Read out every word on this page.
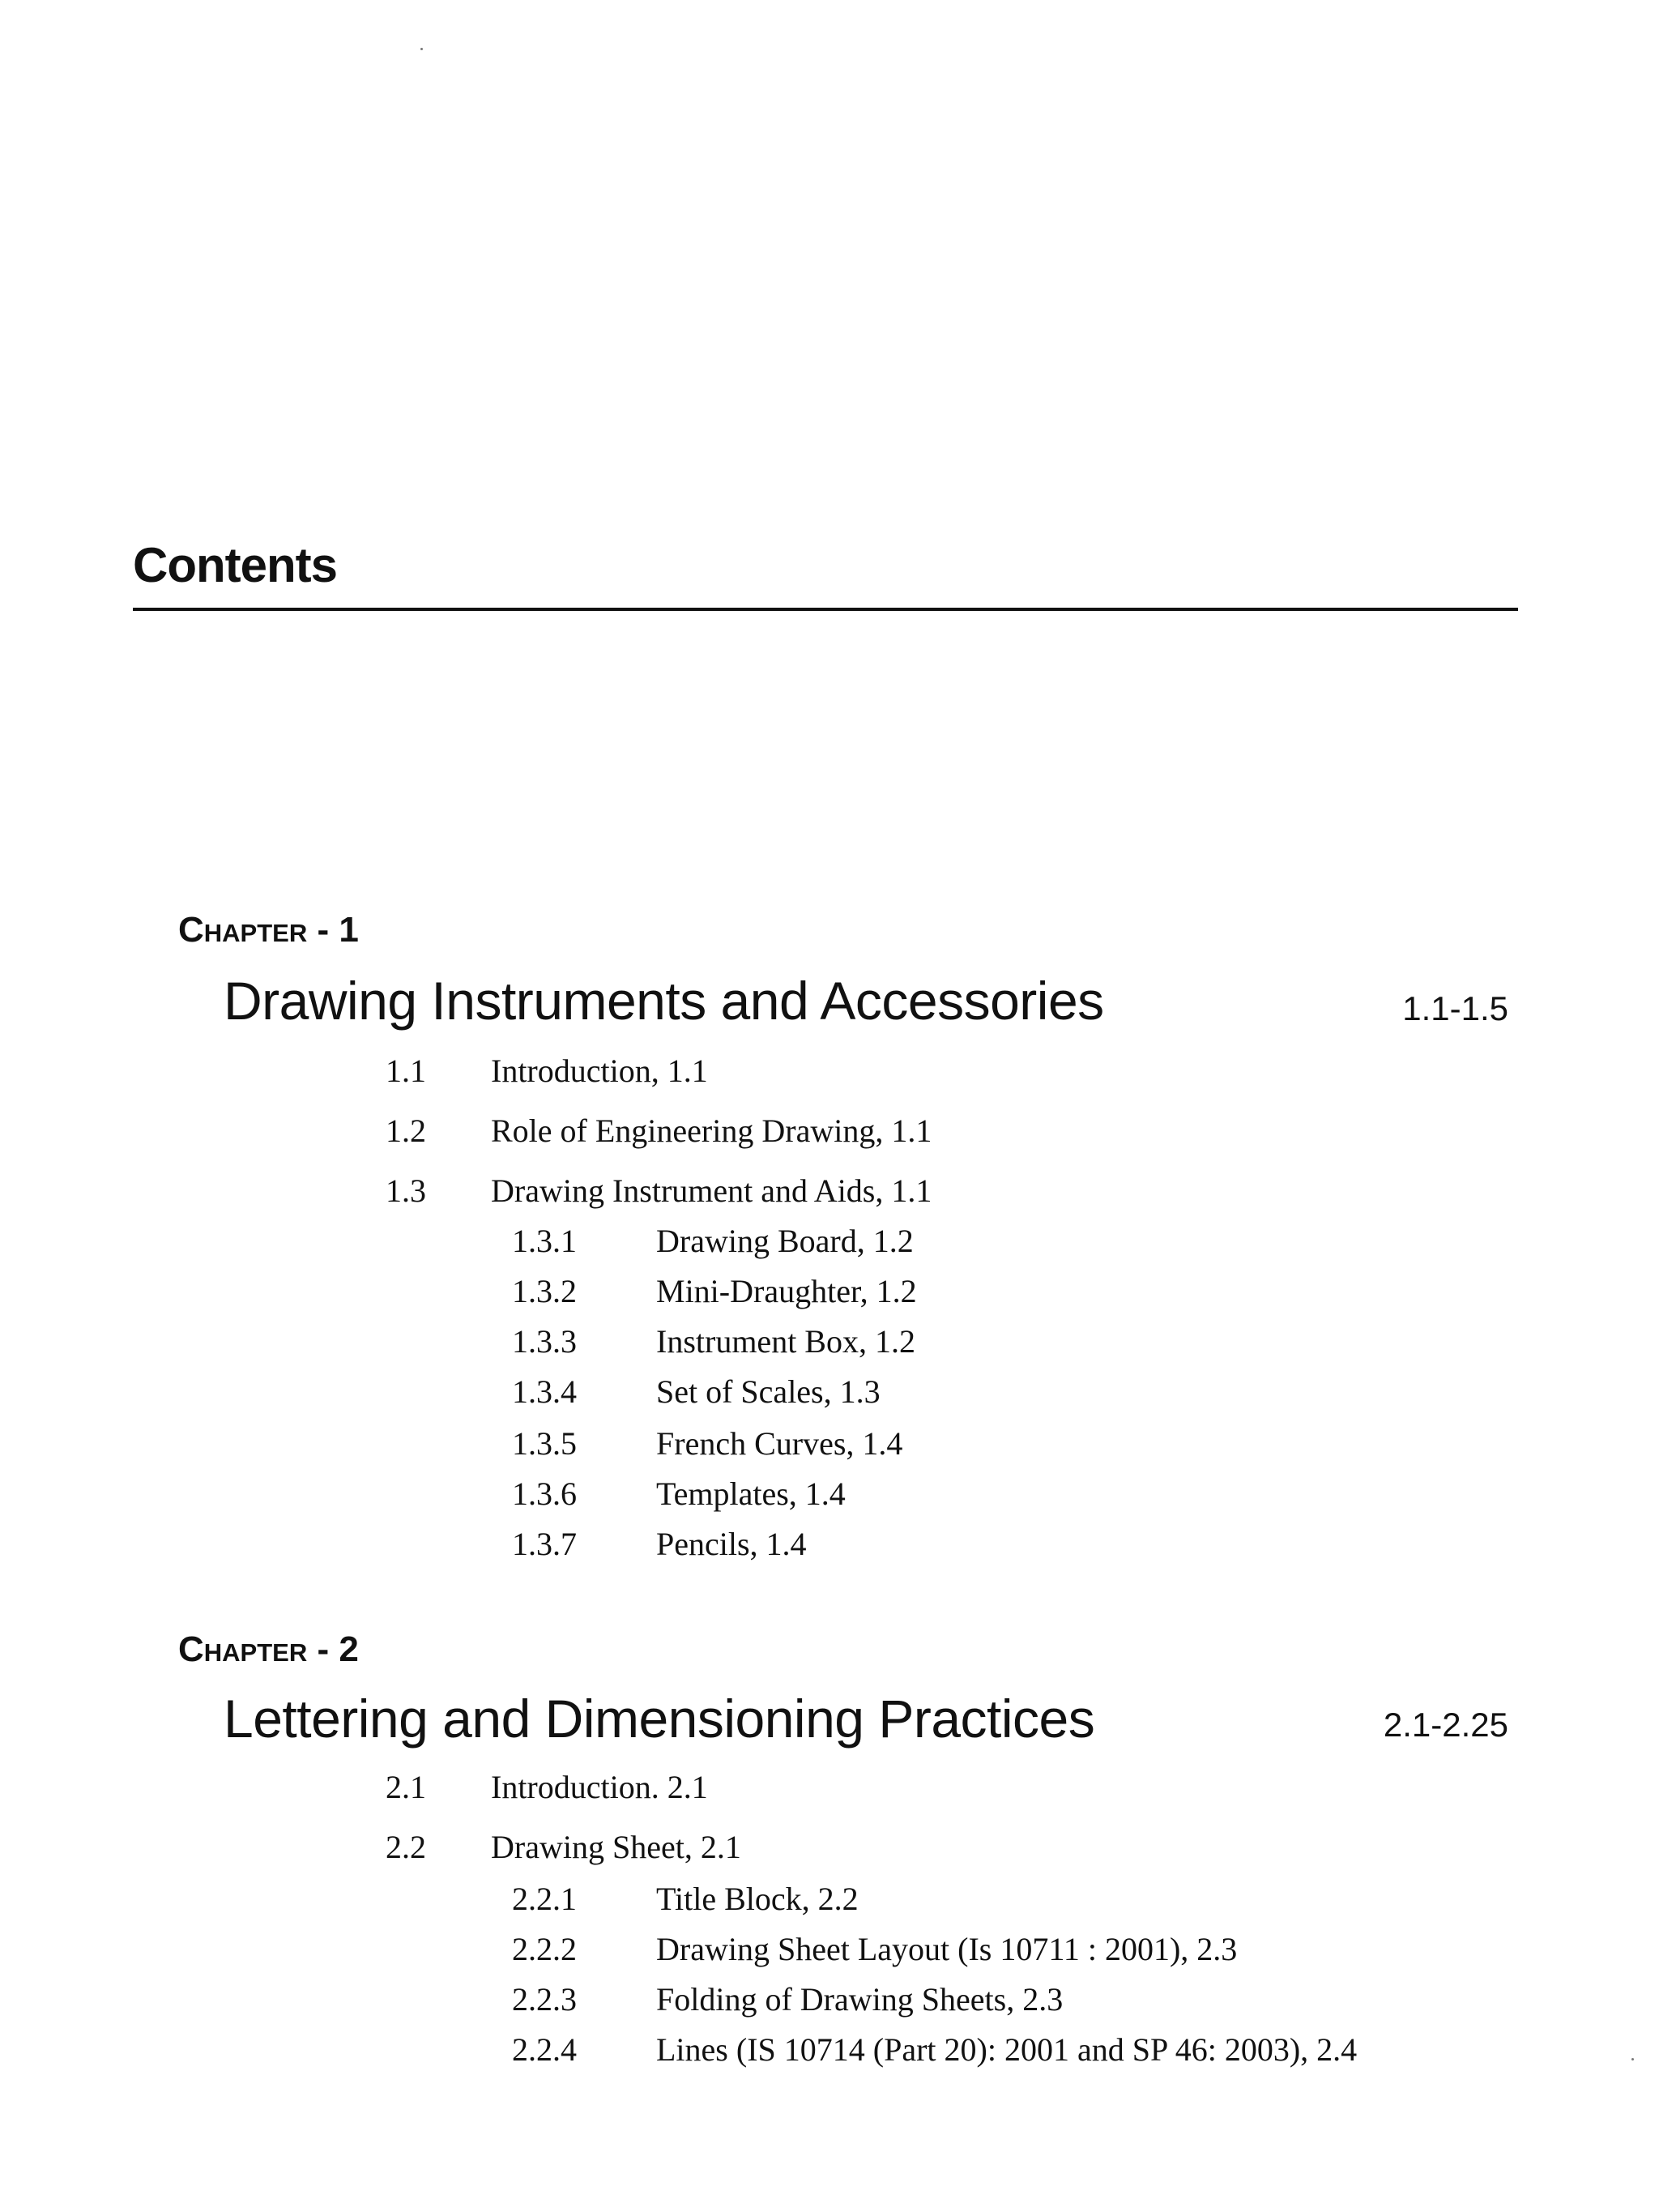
Contents
Chapter - 1
Drawing Instruments and Accessories	1.1-1.5
1.1 Introduction, 1.1
1.2 Role of Engineering Drawing, 1.1
1.3 Drawing Instrument and Aids, 1.1
1.3.1 Drawing Board, 1.2
1.3.2 Mini-Draughter, 1.2
1.3.3 Instrument Box, 1.2
1.3.4 Set of Scales, 1.3
1.3.5 French Curves, 1.4
1.3.6 Templates, 1.4
1.3.7 Pencils, 1.4
Chapter - 2
Lettering and Dimensioning Practices	2.1-2.25
2.1 Introduction. 2.1
2.2 Drawing Sheet, 2.1
2.2.1 Title Block, 2.2
2.2.2 Drawing Sheet Layout (Is 10711 : 2001), 2.3
2.2.3 Folding of Drawing Sheets, 2.3
2.2.4 Lines (IS 10714 (Part 20): 2001 and SP 46: 2003), 2.4
